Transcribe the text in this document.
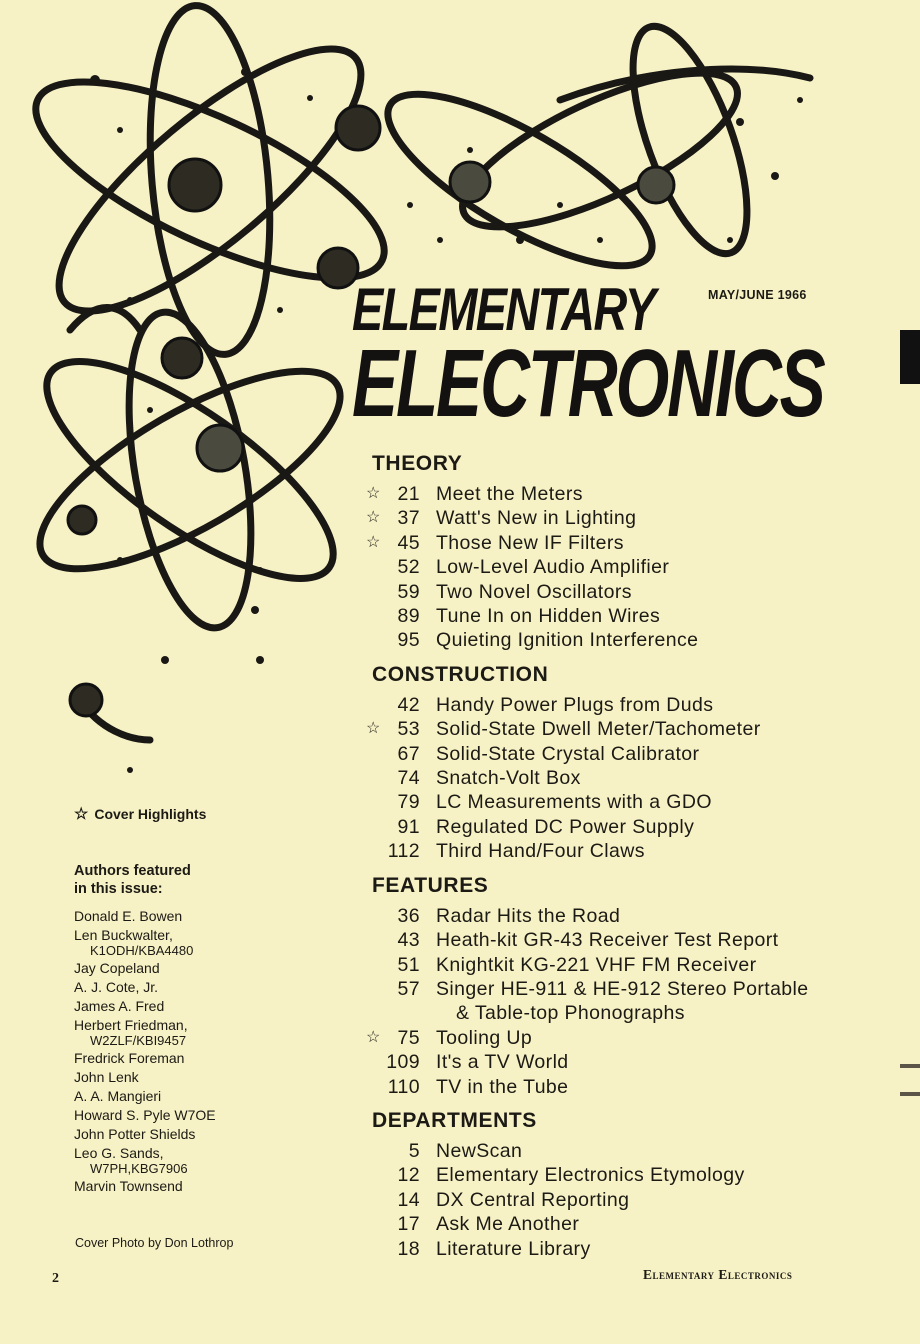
MAY/JUNE 1966
ELEMENTARY
ELECTRONICS
THEORY
☆ 21 Meet the Meters
☆ 37 Watt's New in Lighting
☆ 45 Those New IF Filters
52 Low-Level Audio Amplifier
59 Two Novel Oscillators
89 Tune In on Hidden Wires
95 Quieting Ignition Interference
CONSTRUCTION
42 Handy Power Plugs from Duds
☆ 53 Solid-State Dwell Meter/Tachometer
67 Solid-State Crystal Calibrator
74 Snatch-Volt Box
79 LC Measurements with a GDO
91 Regulated DC Power Supply
112 Third Hand/Four Claws
FEATURES
36 Radar Hits the Road
43 Heath-kit GR-43 Receiver Test Report
51 Knightkit KG-221 VHF FM Receiver
57 Singer HE-911 & HE-912 Stereo Portable
& Table-top Phonographs
☆ 75 Tooling Up
109 It's a TV World
110 TV in the Tube
DEPARTMENTS
5 NewScan
12 Elementary Electronics Etymology
14 DX Central Reporting
17 Ask Me Another
18 Literature Library
☆ Cover Highlights
Authors featured
in this issue:
Donald E. Bowen
Len Buckwalter,
K1ODH/KBA4480
Jay Copeland
A. J. Cote, Jr.
James A. Fred
Herbert Friedman,
W2ZLF/KBI9457
Fredrick Foreman
John Lenk
A. A. Mangieri
Howard S. Pyle W7OE
John Potter Shields
Leo G. Sands,
W7PH,KBG7906
Marvin Townsend
Cover Photo by Don Lothrop
2	Elementary Electronics
